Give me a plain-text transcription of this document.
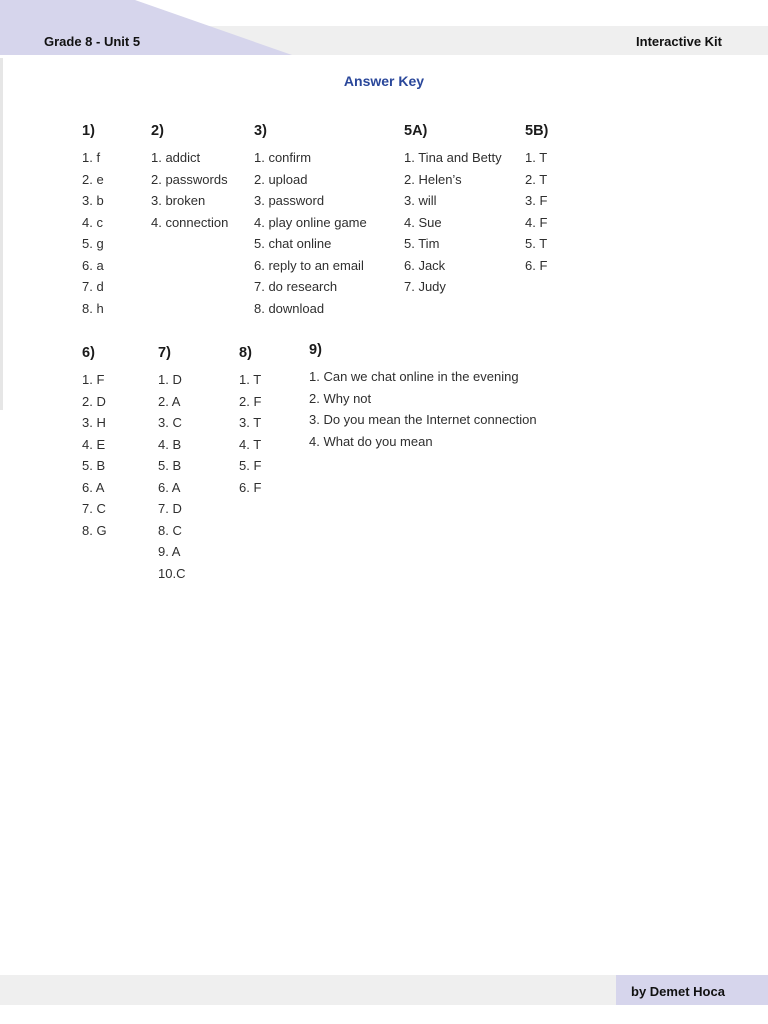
Grade 8 - Unit 5	Interactive Kit
Answer Key
1)
1. f
2. e
3. b
4. c
5. g
6. a
7. d
8. h
2)
1. addict
2. passwords
3. broken
4. connection
3)
1. confirm
2. upload
3. password
4. play online game
5. chat online
6. reply to an email
7. do research
8. download
5A)
1. Tina and Betty
2. Helen’s
3. will
4. Sue
5. Tim
6. Jack
7. Judy
5B)
1. T
2. T
3. F
4. F
5. T
6. F
6)
1. F
2. D
3. H
4. E
5. B
6. A
7. C
8. G
7)
1. D
2. A
3. C
4. B
5. B
6. A
7. D
8. C
9. A
10.C
8)
1. T
2. F
3. T
4. T
5. F
6. F
9)
1. Can we chat online in the evening
2. Why not
3. Do you mean the Internet connection
4. What do you mean
by Demet Hoca
